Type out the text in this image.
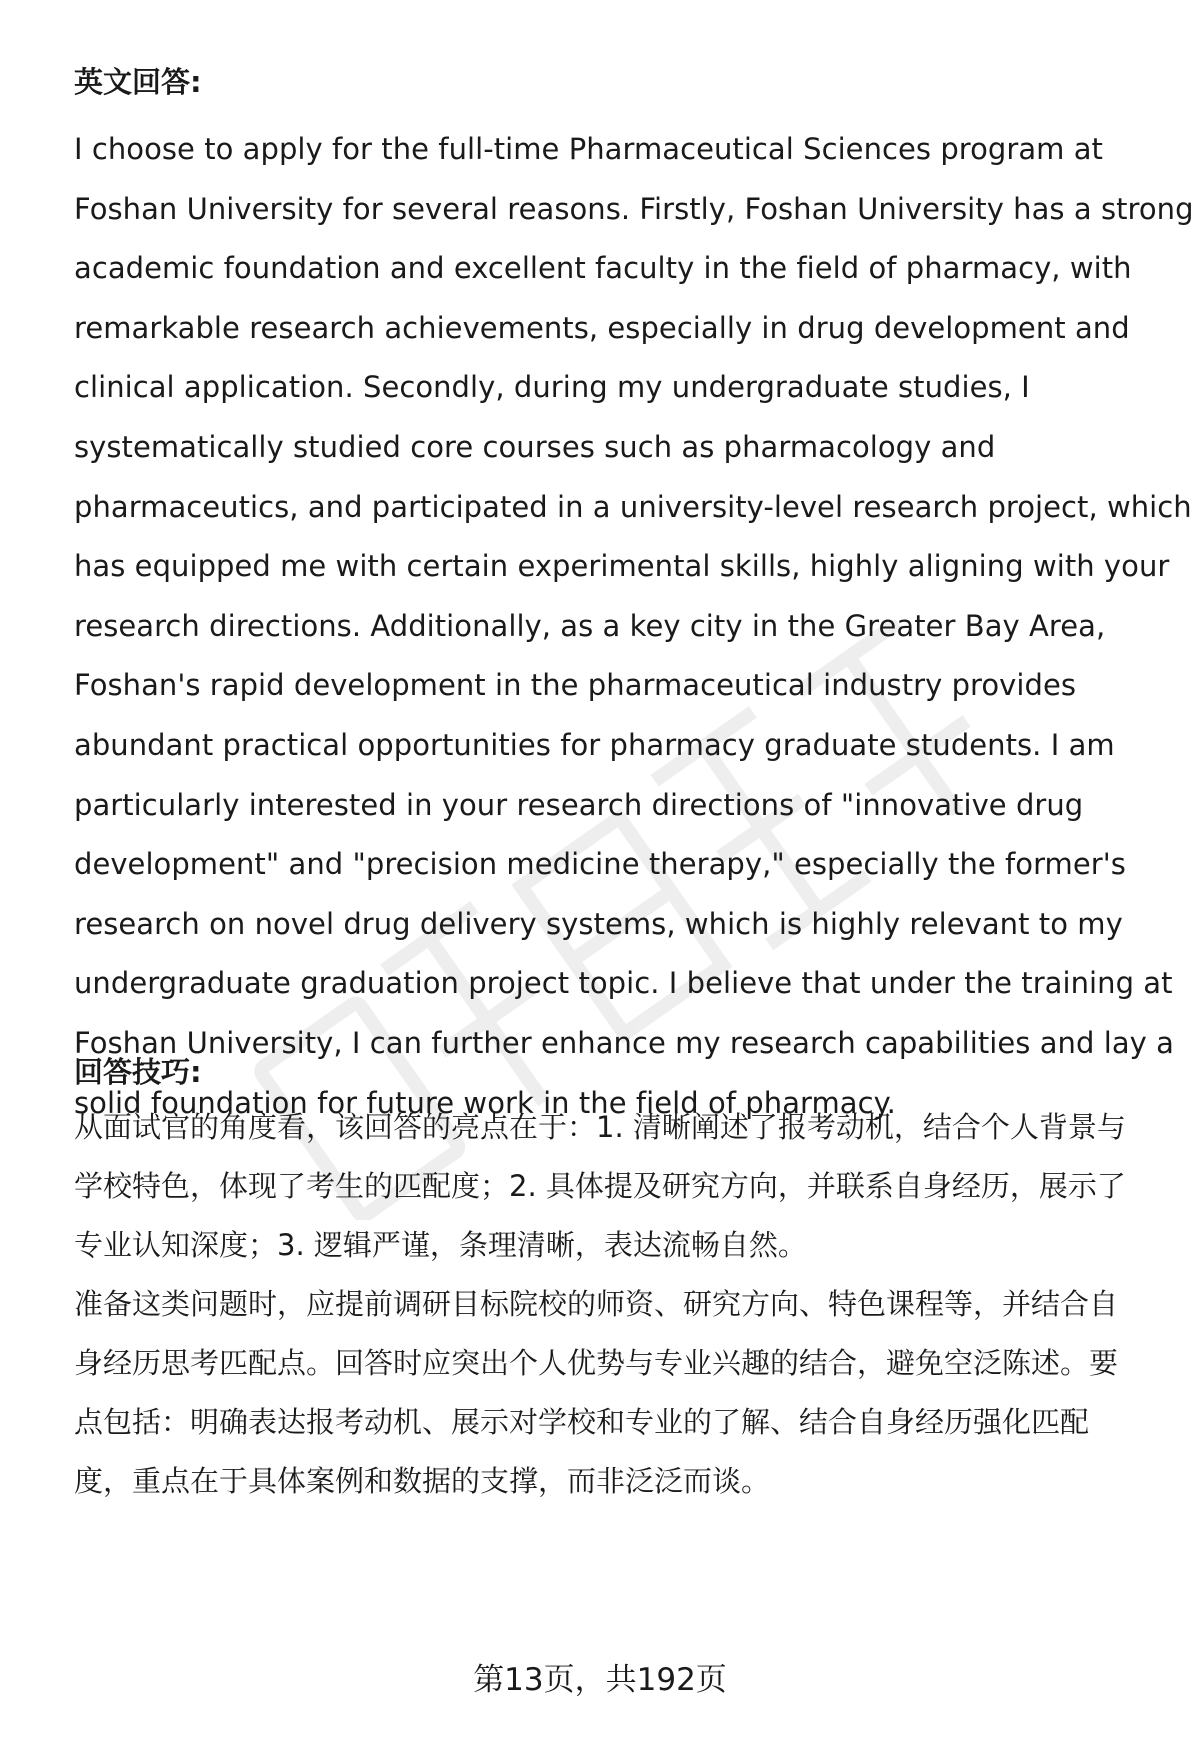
英文回答:
I choose to apply for the full-time Pharmaceutical Sciences program at
Foshan University for several reasons. Firstly, Foshan University has a strong
academic foundation and excellent faculty in the field of pharmacy, with
remarkable research achievements, especially in drug development and
clinical application. Secondly, during my undergraduate studies, I
systematically studied core courses such as pharmacology and
pharmaceutics, and participated in a university-level research project, which
has equipped me with certain experimental skills, highly aligning with your
research directions. Additionally, as a key city in the Greater Bay Area,
Foshan's rapid development in the pharmaceutical industry provides
abundant practical opportunities for pharmacy graduate students. I am
particularly interested in your research directions of "innovative drug
development" and "precision medicine therapy," especially the former's
research on novel drug delivery systems, which is highly relevant to my
undergraduate graduation project topic. I believe that under the training at
Foshan University, I can further enhance my research capabilities and lay a
solid foundation for future work in the field of pharmacy.
回答技巧:
从面试官的角度看，该回答的亮点在于：1. 清晰阐述了报考动机，结合个人背景与
学校特色，体现了考生的匹配度；2. 具体提及研究方向，并联系自身经历，展示了
专业认知深度；3. 逻辑严谨，条理清晰，表达流畅自然。
准备这类问题时，应提前调研目标院校的师资、研究方向、特色课程等，并结合自
身经历思考匹配点。回答时应突出个人优势与专业兴趣的结合，避免空泛陈述。要
点包括：明确表达报考动机、展示对学校和专业的了解、结合自身经历强化匹配
度，重点在于具体案例和数据的支撑，而非泛泛而谈。
第13页，共192页
